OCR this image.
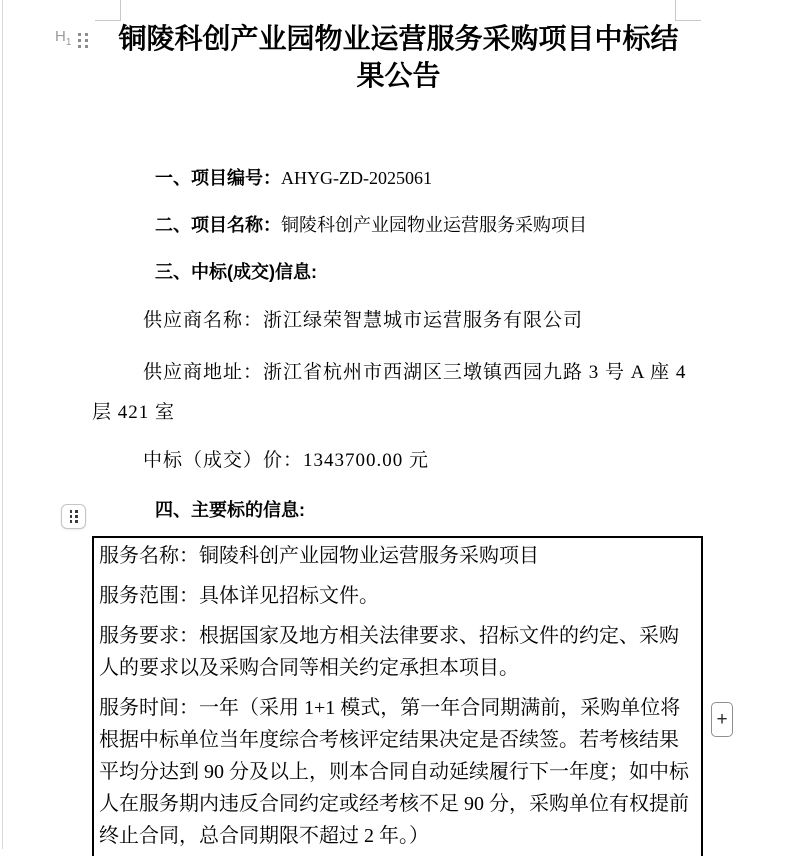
$H_1$
+
铜陵科创产业园物业运营服务采购项目中标结果公告

一、项目编号：AHYG-ZD-2025061

二、项目名称：铜陵科创产业园物业运营服务采购项目

三、中标(成交)信息:

供应商名称：浙江绿荣智慧城市运营服务有限公司

供应商地址：浙江省杭州市西湖区三墩镇西园九路 3 号 A 座 4 层 421 室

中标（成交）价：1343700.00 元

四、主要标的信息:

服务名称：铜陵科创产业园物业运营服务采购项目

服务范围：具体详见招标文件。

服务要求：根据国家及地方相关法律要求、招标文件的约定、采购人的要求以及采购合同等相关约定承担本项目。

服务时间：一年（采用 1+1 模式，第一年合同期满前，采购单位将根据中标单位当年度综合考核评定结果决定是否续签。若考核结果平均分达到 90 分及以上，则本合同自动延续履行下一年度；如中标人在服务期内违反合同约定或经考核不足 90 分，采购单位有权提前终止合同，总合同期限不超过 2 年。）
